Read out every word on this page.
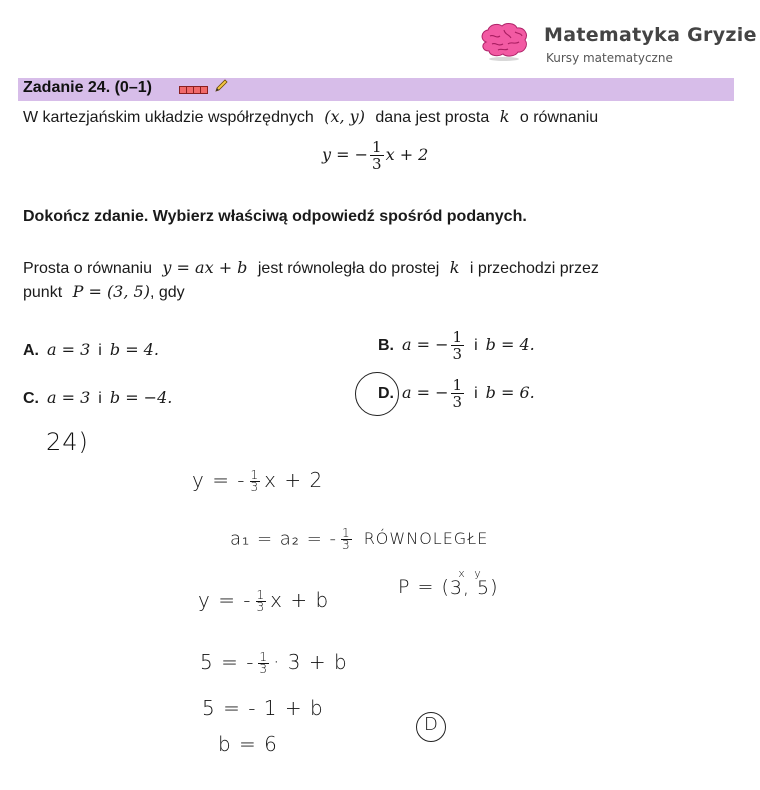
Matematyka Gryzie
Kursy matematyczne
Zadanie 24. (0–1)
W kartezjańskim układzie współrzędnych (x, y) dana jest prosta k o równaniu
y = − $\frac{1}{3}$ x + 2
Dokończ zdanie. Wybierz właściwą odpowiedź spośród podanych.
Prosta o równaniu y = ax + b jest równoległa do prostej k i przechodzi przez
punkt P = (3, 5), gdy
A. a = 3 i b = 4.	B. a = − $\frac{1}{3}$ i b = 4.
C. a = 3 i b = −4.	D. a = − $\frac{1}{3}$ i b = 6.
24)
y = - $\frac{1}{3}$ x + 2
a₁ = a₂ = - $\frac{1}{3}$ RÓWNOLEGŁE
y = - $\frac{1}{3}$ x + b
P = (
x y
3, 5 )
5 = - $\frac{1}{3} \cdot 3 + b$
5 = - 1 + b
b = 6
D
